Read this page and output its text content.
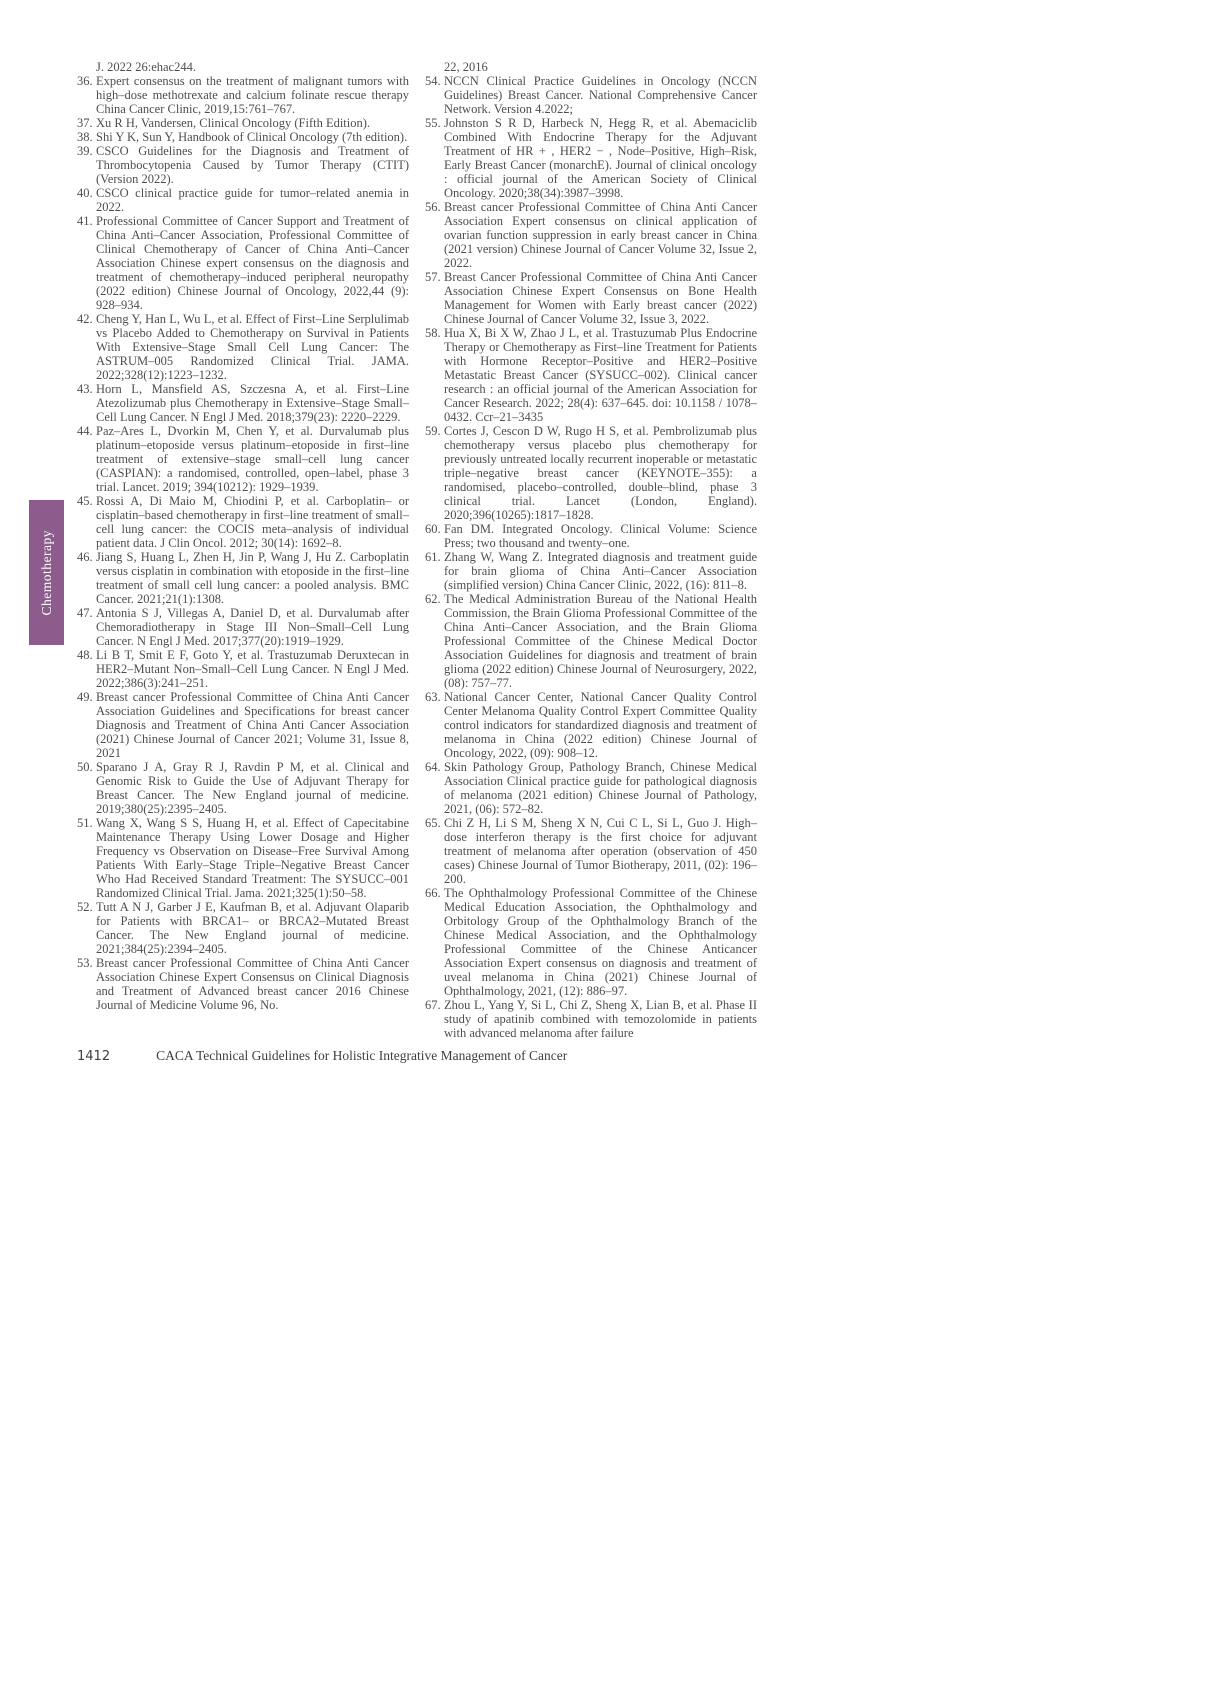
Chemotherapy

J. 2022 26:ehac244.

36. Expert consensus on the treatment of malignant tumors with high–dose methotrexate and calcium folinate rescue therapy China Cancer Clinic, 2019,15:761–767.
37. Xu R H, Vandersen, Clinical Oncology (Fifth Edition).
38. Shi Y K, Sun Y, Handbook of Clinical Oncology (7th edition).
39. CSCO Guidelines for the Diagnosis and Treatment of Thrombocytopenia Caused by Tumor Therapy (CTIT) (Version 2022).
40. CSCO clinical practice guide for tumor–related anemia in 2022.
41. Professional Committee of Cancer Support and Treatment of China Anti–Cancer Association, Professional Committee of Clinical Chemotherapy of Cancer of China Anti–Cancer Association Chinese expert consensus on the diagnosis and treatment of chemotherapy–induced peripheral neuropathy (2022 edition) Chinese Journal of Oncology, 2022,44 (9): 928–934.
42. Cheng Y, Han L, Wu L, et al. Effect of First–Line Serplulimab vs Placebo Added to Chemotherapy on Survival in Patients With Extensive–Stage Small Cell Lung Cancer: The ASTRUM–005 Randomized Clinical Trial. JAMA. 2022;328(12):1223–1232.
43. Horn L, Mansfield AS, Szczesna A, et al. First–Line Atezolizumab plus Chemotherapy in Extensive–Stage Small–Cell Lung Cancer. N Engl J Med. 2018;379(23): 2220–2229.
44. Paz–Ares L, Dvorkin M, Chen Y, et al. Durvalumab plus platinum–etoposide versus platinum–etoposide in first–line treatment of extensive–stage small–cell lung cancer (CASPIAN): a randomised, controlled, open–label, phase 3 trial. Lancet. 2019; 394(10212): 1929–1939.
45. Rossi A, Di Maio M, Chiodini P, et al. Carboplatin– or cisplatin–based chemotherapy in first–line treatment of small–cell lung cancer: the COCIS meta–analysis of individual patient data. J Clin Oncol. 2012; 30(14): 1692–8.
46. Jiang S, Huang L, Zhen H, Jin P, Wang J, Hu Z. Carboplatin versus cisplatin in combination with etoposide in the first–line treatment of small cell lung cancer: a pooled analysis. BMC Cancer. 2021;21(1):1308.
47. Antonia S J, Villegas A, Daniel D, et al. Durvalumab after Chemoradiotherapy in Stage III Non–Small–Cell Lung Cancer. N Engl J Med. 2017;377(20):1919–1929.
48. Li B T, Smit E F, Goto Y, et al. Trastuzumab Deruxtecan in HER2–Mutant Non–Small–Cell Lung Cancer. N Engl J Med. 2022;386(3):241–251.
49. Breast cancer Professional Committee of China Anti Cancer Association Guidelines and Specifications for breast cancer Diagnosis and Treatment of China Anti Cancer Association (2021) Chinese Journal of Cancer 2021; Volume 31, Issue 8, 2021
50. Sparano J A, Gray R J, Ravdin P M, et al. Clinical and Genomic Risk to Guide the Use of Adjuvant Therapy for Breast Cancer. The New England journal of medicine. 2019;380(25):2395–2405.
51. Wang X, Wang S S, Huang H, et al. Effect of Capecitabine Maintenance Therapy Using Lower Dosage and Higher Frequency vs Observation on Disease–Free Survival Among Patients With Early–Stage Triple–Negative Breast Cancer Who Had Received Standard Treatment: The SYSUCC–001 Randomized Clinical Trial. Jama. 2021;325(1):50–58.
52. Tutt A N J, Garber J E, Kaufman B, et al. Adjuvant Olaparib for Patients with BRCA1– or BRCA2–Mutated Breast Cancer. The New England journal of medicine. 2021;384(25):2394–2405.
53. Breast cancer Professional Committee of China Anti Cancer Association Chinese Expert Consensus on Clinical Diagnosis and Treatment of Advanced breast cancer 2016 Chinese Journal of Medicine Volume 96, No.

22, 2016

54. NCCN Clinical Practice Guidelines in Oncology (NCCN Guidelines) Breast Cancer. National Comprehensive Cancer Network. Version 4.2022;
55. Johnston S R D, Harbeck N, Hegg R, et al. Abemaciclib Combined With Endocrine Therapy for the Adjuvant Treatment of HR + , HER2 − , Node–Positive, High–Risk, Early Breast Cancer (monarchE). Journal of clinical oncology : official journal of the American Society of Clinical Oncology. 2020;38(34):3987–3998.
56. Breast cancer Professional Committee of China Anti Cancer Association Expert consensus on clinical application of ovarian function suppression in early breast cancer in China (2021 version) Chinese Journal of Cancer Volume 32, Issue 2, 2022.
57. Breast Cancer Professional Committee of China Anti Cancer Association Chinese Expert Consensus on Bone Health Management for Women with Early breast cancer (2022) Chinese Journal of Cancer Volume 32, Issue 3, 2022.
58. Hua X, Bi X W, Zhao J L, et al. Trastuzumab Plus Endocrine Therapy or Chemotherapy as First–line Treatment for Patients with Hormone Receptor–Positive and HER2–Positive Metastatic Breast Cancer (SYSUCC–002). Clinical cancer research : an official journal of the American Association for Cancer Research. 2022; 28(4): 637–645. doi: 10.1158 / 1078–0432. Ccr–21–3435
59. Cortes J, Cescon D W, Rugo H S, et al. Pembrolizumab plus chemotherapy versus placebo plus chemotherapy for previously untreated locally recurrent inoperable or metastatic triple–negative breast cancer (KEYNOTE–355): a randomised, placebo–controlled, double–blind, phase 3 clinical trial. Lancet (London, England). 2020;396(10265):1817–1828.
60. Fan DM. Integrated Oncology. Clinical Volume: Science Press; two thousand and twenty–one.
61. Zhang W, Wang Z. Integrated diagnosis and treatment guide for brain glioma of China Anti–Cancer Association (simplified version) China Cancer Clinic, 2022, (16): 811–8.
62. The Medical Administration Bureau of the National Health Commission, the Brain Glioma Professional Committee of the China Anti–Cancer Association, and the Brain Glioma Professional Committee of the Chinese Medical Doctor Association Guidelines for diagnosis and treatment of brain glioma (2022 edition) Chinese Journal of Neurosurgery, 2022, (08): 757–77.
63. National Cancer Center, National Cancer Quality Control Center Melanoma Quality Control Expert Committee Quality control indicators for standardized diagnosis and treatment of melanoma in China (2022 edition) Chinese Journal of Oncology, 2022, (09): 908–12.
64. Skin Pathology Group, Pathology Branch, Chinese Medical Association Clinical practice guide for pathological diagnosis of melanoma (2021 edition) Chinese Journal of Pathology, 2021, (06): 572–82.
65. Chi Z H, Li S M, Sheng X N, Cui C L, Si L, Guo J. High–dose interferon therapy is the first choice for adjuvant treatment of melanoma after operation (observation of 450 cases) Chinese Journal of Tumor Biotherapy, 2011, (02): 196–200.
66. The Ophthalmology Professional Committee of the Chinese Medical Education Association, the Ophthalmology and Orbitology Group of the Ophthalmology Branch of the Chinese Medical Association, and the Ophthalmology Professional Committee of the Chinese Anticancer Association Expert consensus on diagnosis and treatment of uveal melanoma in China (2021) Chinese Journal of Ophthalmology, 2021, (12): 886–97.
67. Zhou L, Yang Y, Si L, Chi Z, Sheng X, Lian B, et al. Phase II study of apatinib combined with temozolomide in patients with advanced melanoma after failure
1412	CACA Technical Guidelines for Holistic Integrative Management of Cancer
